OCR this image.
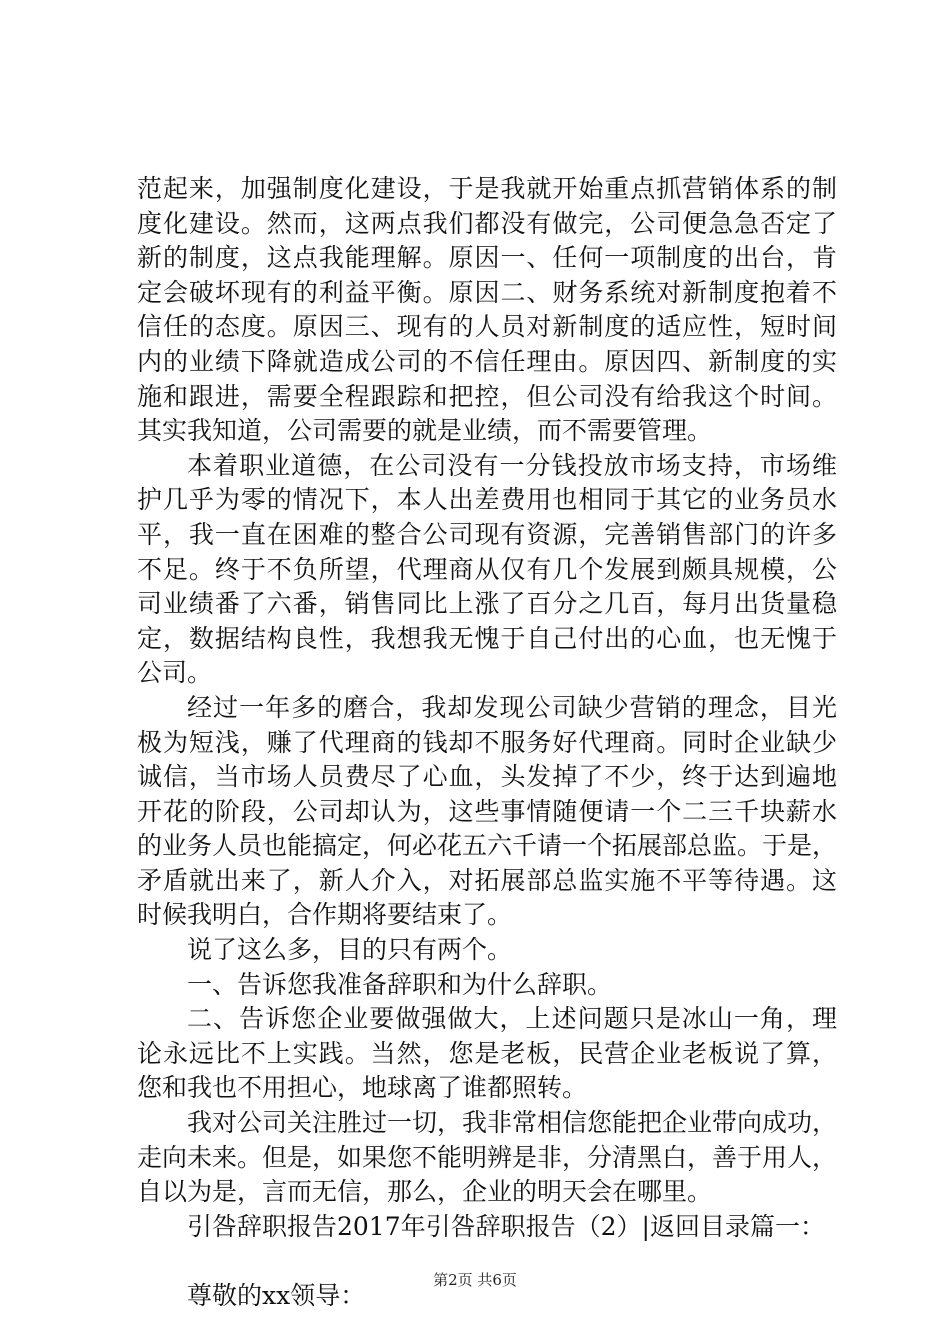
范起来，加强制度化建设，于是我就开始重点抓营销体系的制
度化建设。然而，这两点我们都没有做完，公司便急急否定了
新的制度，这点我能理解。原因一、任何一项制度的出台，肯
定会破坏现有的利益平衡。原因二、财务系统对新制度抱着不
信任的态度。原因三、现有的人员对新制度的适应性，短时间
内的业绩下降就造成公司的不信任理由。原因四、新制度的实
施和跟进，需要全程跟踪和把控，但公司没有给我这个时间。
其实我知道，公司需要的就是业绩，而不需要管理。
本着职业道德，在公司没有一分钱投放市场支持，市场维
护几乎为零的情况下，本人出差费用也相同于其它的业务员水
平，我一直在困难的整合公司现有资源，完善销售部门的许多
不足。终于不负所望，代理商从仅有几个发展到颇具规模，公
司业绩番了六番，销售同比上涨了百分之几百，每月出货量稳
定，数据结构良性，我想我无愧于自己付出的心血，也无愧于
公司。
经过一年多的磨合，我却发现公司缺少营销的理念，目光
极为短浅，赚了代理商的钱却不服务好代理商。同时企业缺少
诚信，当市场人员费尽了心血，头发掉了不少，终于达到遍地
开花的阶段，公司却认为，这些事情随便请一个二三千块薪水
的业务人员也能搞定，何必花五六千请一个拓展部总监。于是，
矛盾就出来了，新人介入，对拓展部总监实施不平等待遇。这
时候我明白，合作期将要结束了。
说了这么多，目的只有两个。
一、告诉您我准备辞职和为什么辞职。
二、告诉您企业要做强做大，上述问题只是冰山一角，理
论永远比不上实践。当然，您是老板，民营企业老板说了算，
您和我也不用担心，地球离了谁都照转。
我对公司关注胜过一切，我非常相信您能把企业带向成功，
走向未来。但是，如果您不能明辨是非，分清黑白，善于用人，
自以为是，言而无信，那么，企业的明天会在哪里。
引咎辞职报告2017年引咎辞职报告（2）|返回目录篇一：
尊敬的xx领导：
第2页 共6页
